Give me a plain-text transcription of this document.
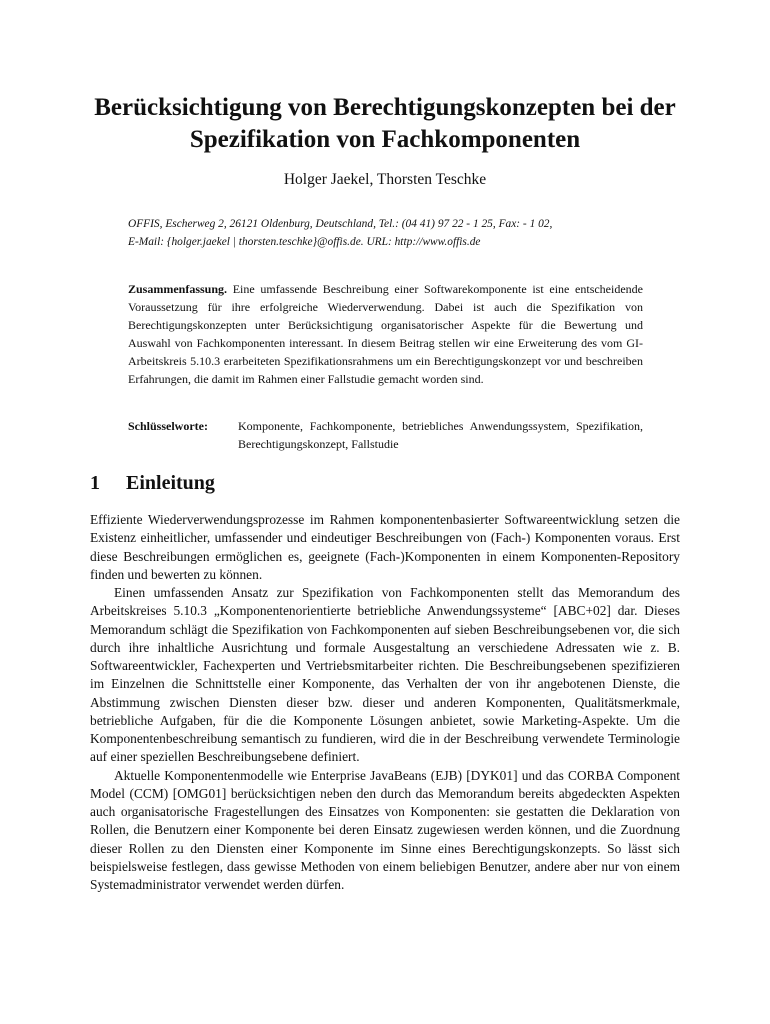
Berücksichtigung von Berechtigungskonzepten bei der Spezifikation von Fachkomponenten
Holger Jaekel, Thorsten Teschke
OFFIS, Escherweg 2, 26121 Oldenburg, Deutschland, Tel.: (04 41) 97 22 - 1 25, Fax: - 1 02,
E-Mail: {holger.jaekel | thorsten.teschke}@offis.de. URL: http://www.offis.de

Zusammenfassung. Eine umfassende Beschreibung einer Softwarekomponente ist eine entscheidende Voraussetzung für ihre erfolgreiche Wiederverwendung. Dabei ist auch die Spezifikation von Berechtigungskonzepten unter Berücksichtigung organisatorischer Aspekte für die Bewertung und Auswahl von Fachkomponenten interessant. In diesem Beitrag stellen wir eine Erweiterung des vom GI-Arbeitskreis 5.10.3 erarbeiteten Spezifikationsrahmens um ein Berechtigungskonzept vor und beschreiben Erfahrungen, die damit im Rahmen einer Fallstudie gemacht worden sind.

Schlüsselworte:	Komponente, Fachkomponente, betriebliches Anwendungssystem, Spezifikation, Berechtigungskonzept, Fallstudie
1	Einleitung

Effiziente Wiederverwendungsprozesse im Rahmen komponentenbasierter Softwareentwicklung setzen die Existenz einheitlicher, umfassender und eindeutiger Beschreibungen von (Fach-) Komponenten voraus. Erst diese Beschreibungen ermöglichen es, geeignete (Fach-)Komponenten in einem Komponenten-Repository finden und bewerten zu können.

Einen umfassenden Ansatz zur Spezifikation von Fachkomponenten stellt das Memorandum des Arbeitskreises 5.10.3 „Komponentenorientierte betriebliche Anwendungssysteme“ [ABC+02] dar. Dieses Memorandum schlägt die Spezifikation von Fachkomponenten auf sieben Beschreibungsebenen vor, die sich durch ihre inhaltliche Ausrichtung und formale Ausgestaltung an verschiedene Adressaten wie z. B. Softwareentwickler, Fachexperten und Vertriebsmitarbeiter richten. Die Beschreibungsebenen spezifizieren im Einzelnen die Schnittstelle einer Komponente, das Verhalten der von ihr angebotenen Dienste, die Abstimmung zwischen Diensten dieser bzw. dieser und anderen Komponenten, Qualitätsmerkmale, betriebliche Aufgaben, für die die Komponente Lösungen anbietet, sowie Marketing-Aspekte. Um die Komponentenbeschreibung semantisch zu fundieren, wird die in der Beschreibung verwendete Terminologie auf einer speziellen Beschreibungsebene definiert.

Aktuelle Komponentenmodelle wie Enterprise JavaBeans (EJB) [DYK01] und das CORBA Component Model (CCM) [OMG01] berücksichtigen neben den durch das Memorandum bereits abgedeckten Aspekten auch organisatorische Fragestellungen des Einsatzes von Komponenten: sie gestatten die Deklaration von Rollen, die Benutzern einer Komponente bei deren Einsatz zugewiesen werden können, und die Zuordnung dieser Rollen zu den Diensten einer Komponente im Sinne eines Berechtigungskonzepts. So lässt sich beispielsweise festlegen, dass gewisse Methoden von einem beliebigen Benutzer, andere aber nur von einem Systemadministrator verwendet werden dürfen.
